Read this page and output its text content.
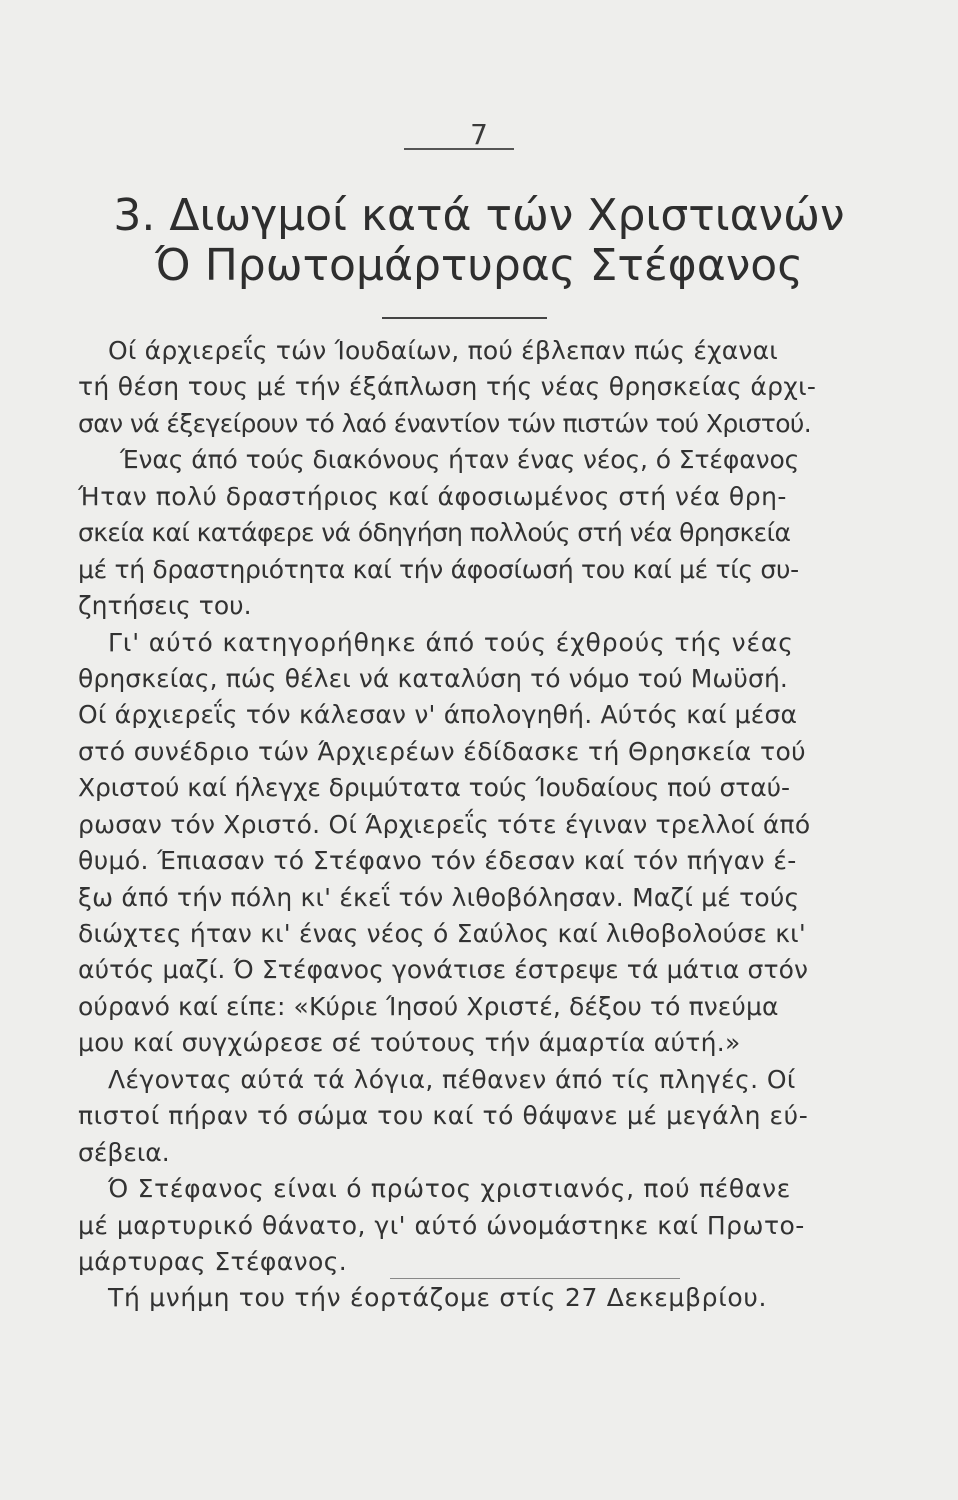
7
3. Διωγμοί κατά τών Χριστιανών
Ό Πρωτομάρτυρας Στέφανος
Οί άρχιερεΐς τών Ίουδαίων, πού έβλεπαν πώς έχαναι
τή θέση τους μέ τήν έξάπλωση τής νέας θρησκείας άρχι-
σαν νά έξεγείρουν τό λαό έναντίον τών πιστών τού Χριστού.
Ένας άπό τούς διακόνους ήταν ένας νέος, ό Στέφανος
Ήταν πολύ δραστήριος καί άφοσιωμένος στή νέα θρη-
σκεία καί κατάφερε νά όδηγήση πολλούς στή νέα θρησκεία
μέ τή δραστηριότητα καί τήν άφοσίωσή του καί μέ τίς συ-
ζητήσεις του.
Γι' αύτό κατηγορήθηκε άπό τούς έχθρούς τής νέας
θρησκείας, πώς θέλει νά καταλύση τό νόμο τού Μωϋσή.
Οί άρχιερεΐς τόν κάλεσαν ν' άπολογηθή. Αύτός καί μέσα
στό συνέδριο τών Άρχιερέων έδίδασκε τή Θρησκεία τού
Χριστού καί ήλεγχε δριμύτατα τούς Ίουδαίους πού σταύ-
ρωσαν τόν Χριστό. Οί Άρχιερεΐς τότε έγιναν τρελλοί άπό
θυμό. Έπιασαν τό Στέφανο τόν έδεσαν καί τόν πήγαν έ-
ξω άπό τήν πόλη κι' έκεΐ τόν λιθοβόλησαν. Μαζί μέ τούς
διώχτες ήταν κι' ένας νέος ό Σαύλος καί λιθοβολούσε κι'
αύτός μαζί. Ό Στέφανος γονάτισε έστρεψε τά μάτια στόν
ούρανό καί είπε: «Κύριε Ίησού Χριστέ, δέξου τό πνεύμα
μου καί συγχώρεσε σέ τούτους τήν άμαρτία αύτή.»
Λέγοντας αύτά τά λόγια, πέθανεν άπό τίς πληγές. Οί
πιστοί πήραν τό σώμα του καί τό θάψανε μέ μεγάλη εύ-
σέβεια.
Ό Στέφανος είναι ό πρώτος χριστιανός, πού πέθανε
μέ μαρτυρικό θάνατο, γι' αύτό ώνομάστηκε καί Πρωτο-
μάρτυρας Στέφανος.
Τή μνήμη του τήν έορτάζομε στίς 27 Δεκεμβρίου.
